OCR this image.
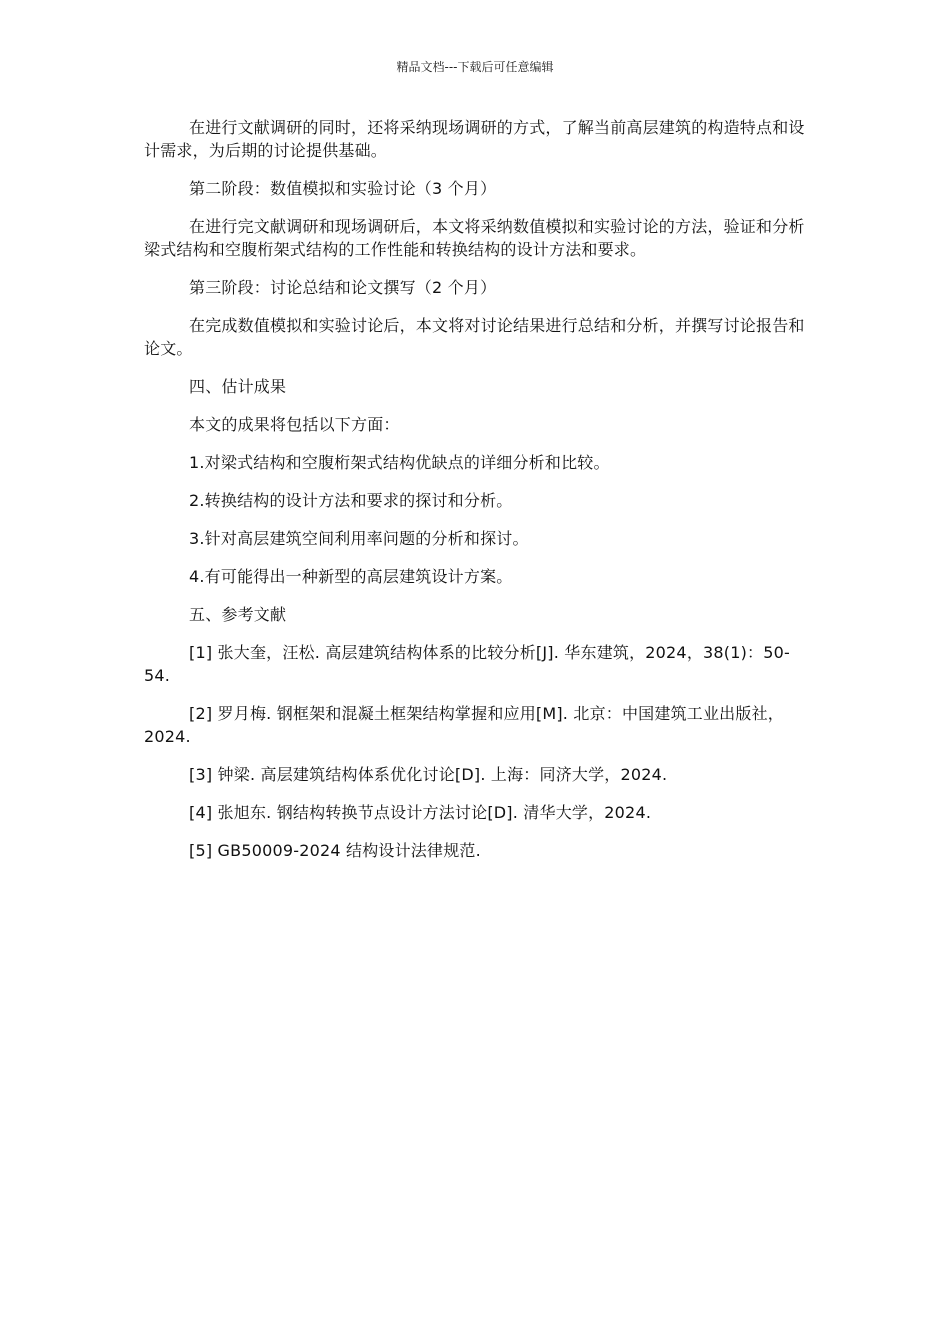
精品文档---下载后可任意编辑

在进行文献调研的同时，还将采纳现场调研的方式，了解当前高层建筑的构造特点和设计需求，为后期的讨论提供基础。

第二阶段：数值模拟和实验讨论（3 个月）

在进行完文献调研和现场调研后，本文将采纳数值模拟和实验讨论的方法，验证和分析梁式结构和空腹桁架式结构的工作性能和转换结构的设计方法和要求。

第三阶段：讨论总结和论文撰写（2 个月）

在完成数值模拟和实验讨论后，本文将对讨论结果进行总结和分析，并撰写讨论报告和论文。

四、估计成果

本文的成果将包括以下方面：

1.对梁式结构和空腹桁架式结构优缺点的详细分析和比较。

2.转换结构的设计方法和要求的探讨和分析。

3.针对高层建筑空间利用率问题的分析和探讨。

4.有可能得出一种新型的高层建筑设计方案。

五、参考文献

[1] 张大奎，汪松. 高层建筑结构体系的比较分析[J]. 华东建筑，2024，38(1)：50-54.

[2] 罗月梅. 钢框架和混凝土框架结构掌握和应用[M]. 北京：中国建筑工业出版社，2024.

[3] 钟梁. 高层建筑结构体系优化讨论[D]. 上海：同济大学，2024.

[4] 张旭东. 钢结构转换节点设计方法讨论[D]. 清华大学，2024.

[5] GB50009-2024 结构设计法律规范.
